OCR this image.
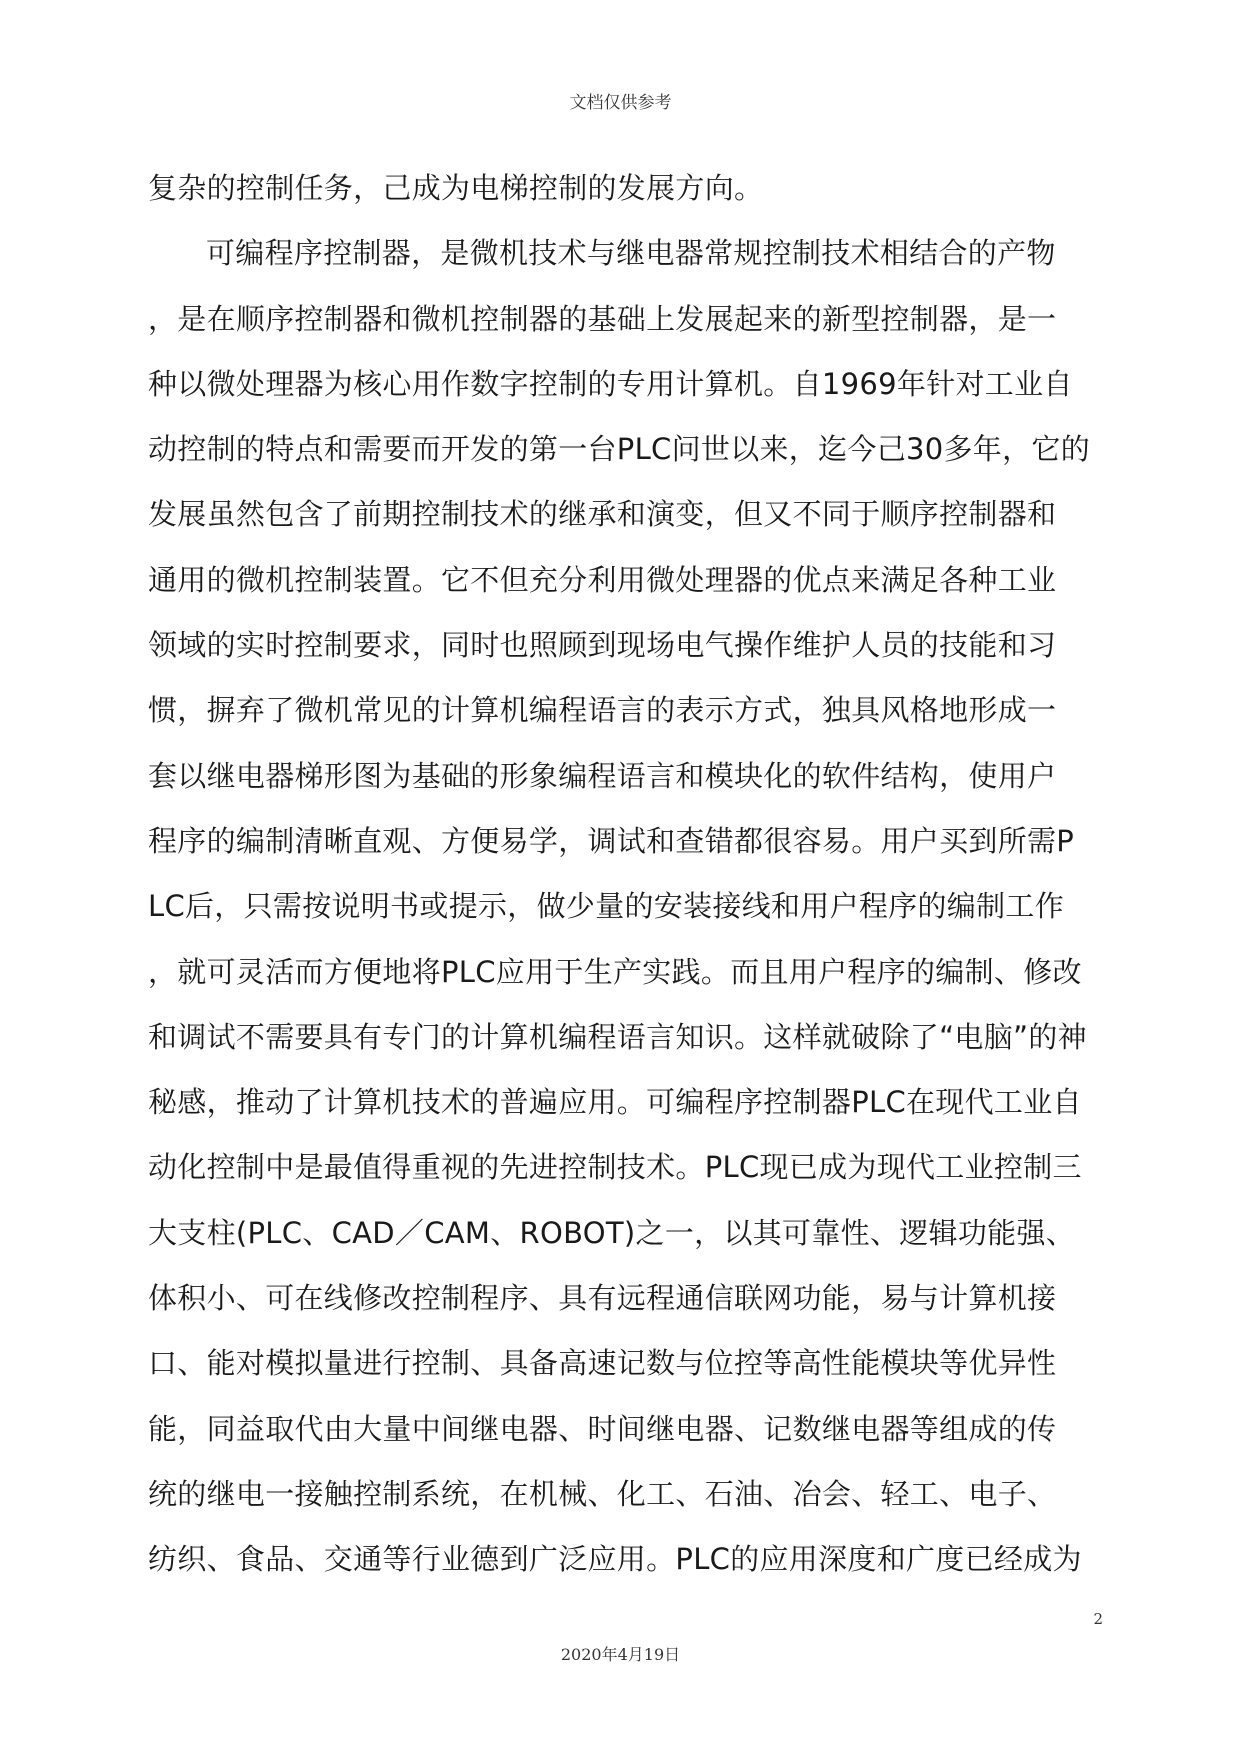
文档仅供参考
复杂的控制任务，己成为电梯控制的发展方向。
可编程序控制器，是微机技术与继电器常规控制技术相结合的产物
，是在顺序控制器和微机控制器的基础上发展起来的新型控制器，是一
种以微处理器为核心用作数字控制的专用计算机。自1969年针对工业自
动控制的特点和需要而开发的第一台PLC问世以来，迄今己30多年，它的
发展虽然包含了前期控制技术的继承和演变，但又不同于顺序控制器和
通用的微机控制装置。它不但充分利用微处理器的优点来满足各种工业
领域的实时控制要求，同时也照顾到现场电气操作维护人员的技能和习
惯，摒弃了微机常见的计算机编程语言的表示方式，独具风格地形成一
套以继电器梯形图为基础的形象编程语言和模块化的软件结构，使用户
程序的编制清晰直观、方便易学，调试和查错都很容易。用户买到所需P
LC后，只需按说明书或提示，做少量的安装接线和用户程序的编制工作
，就可灵活而方便地将PLC应用于生产实践。而且用户程序的编制、修改
和调试不需要具有专门的计算机编程语言知识。这样就破除了“电脑”的神
秘感，推动了计算机技术的普遍应用。可编程序控制器PLC在现代工业自
动化控制中是最值得重视的先进控制技术。PLC现已成为现代工业控制三
大支柱(PLC、CAD／CAM、ROBOT)之一，以其可靠性、逻辑功能强、
体积小、可在线修改控制程序、具有远程通信联网功能，易与计算机接
口、能对模拟量进行控制、具备高速记数与位控等高性能模块等优异性
能，同益取代由大量中间继电器、时间继电器、记数继电器等组成的传
统的继电一接触控制系统，在机械、化工、石油、冶会、轻工、电子、
纺织、食品、交通等行业德到广泛应用。PLC的应用深度和广度已经成为
2
2020年4月19日
